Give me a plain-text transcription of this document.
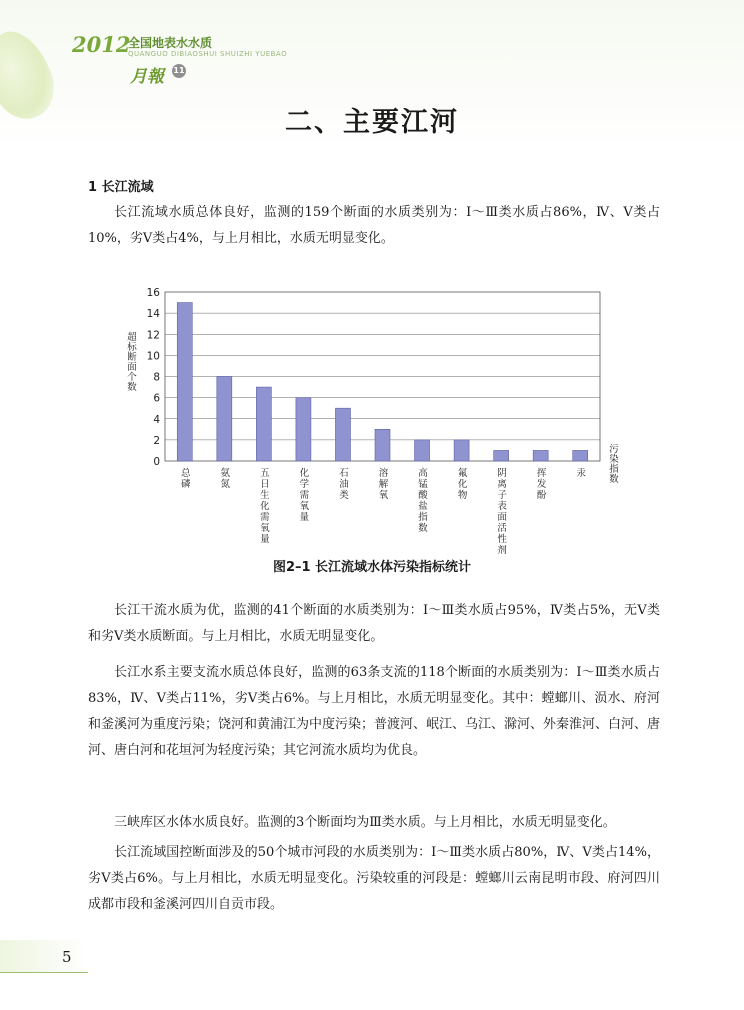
2012
全国地表水水质
QUANGUO DIBIAOSHUI SHUIZHI YUEBAO
月報 11
二、主要江河
1 长江流域

长江流域水质总体良好，监测的159个断面的水质类别为：Ⅰ～Ⅲ类水质占86%，Ⅳ、Ⅴ类占10%，劣Ⅴ类占4%，与上月相比，水质无明显变化。

0
2
4
6
8
10
12
14
16
总磷
氨氮
五日生化需氧量
化学需氧量
石油类
溶解氧
高锰酸盐指数
氟化物
阴离子表面活性剂
挥发酚
汞
超标断面个数
污染指数
图2–1 长江流域水体污染指标统计

长江干流水质为优，监测的41个断面的水质类别为：Ⅰ～Ⅲ类水质占95%，Ⅳ类占5%，无Ⅴ类和劣Ⅴ类水质断面。与上月相比，水质无明显变化。

长江水系主要支流水质总体良好，监测的63条支流的118个断面的水质类别为：Ⅰ～Ⅲ类水质占83%，Ⅳ、Ⅴ类占11%，劣Ⅴ类占6%。与上月相比，水质无明显变化。其中：螳螂川、涢水、府河和釜溪河为重度污染；饶河和黄浦江为中度污染；普渡河、岷江、乌江、滁河、外秦淮河、白河、唐河、唐白河和花垣河为轻度污染；其它河流水质均为优良。

三峡库区水体水质良好。监测的3个断面均为Ⅲ类水质。与上月相比，水质无明显变化。

长江流域国控断面涉及的50个城市河段的水质类别为：Ⅰ～Ⅲ类水质占80%，Ⅳ、Ⅴ类占14%，劣Ⅴ类占6%。与上月相比，水质无明显变化。污染较重的河段是：螳螂川云南昆明市段、府河四川成都市段和釜溪河四川自贡市段。

5
